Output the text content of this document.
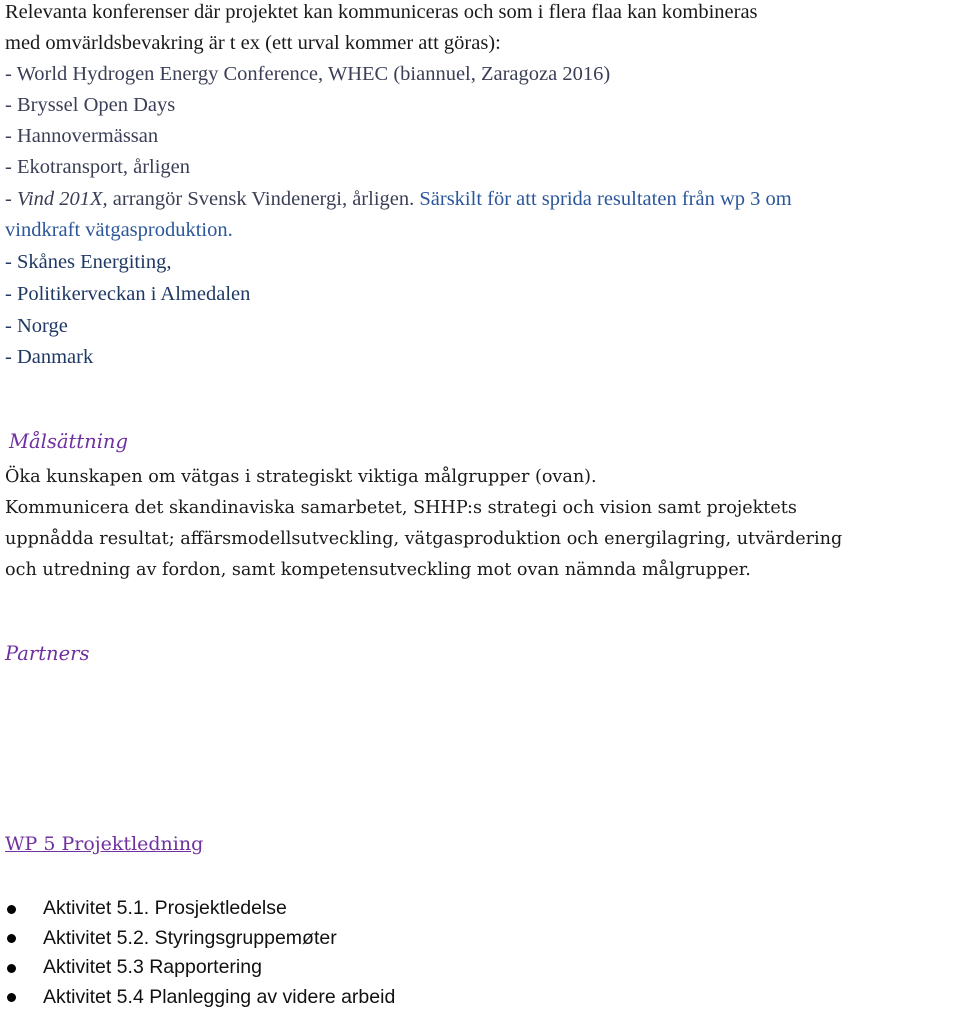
Relevanta konferenser där projektet kan kommuniceras och som i flera flaa kan kombineras
med omvärldsbevakring är t ex (ett urval kommer att göras):
- World Hydrogen Energy Conference, WHEC (biannuel, Zaragoza 2016)
- Bryssel Open Days
- Hannovermässan
- Ekotransport, årligen
- Vind 201X, arrangör Svensk Vindenergi, årligen. Särskilt för att sprida resultaten från wp 3 om
vindkraft vätgasproduktion.
- Skånes Energiting,
- Politikerveckan i Almedalen
- Norge
- Danmark
Målsättning
Öka kunskapen om vätgas i strategiskt viktiga målgrupper (ovan).
Kommunicera det skandinaviska samarbetet, SHHP:s strategi och vision samt projektets
uppnådda resultat; affärsmodellsutveckling, vätgasproduktion och energilagring, utvärdering
och utredning av fordon, samt kompetensutveckling mot ovan nämnda målgrupper.
Partners
WP 5 Projektledning
Aktivitet 5.1. Prosjektledelse
Aktivitet 5.2. Styringsgruppemøter
Aktivitet 5.3 Rapportering
Aktivitet 5.4 Planlegging av videre arbeid
